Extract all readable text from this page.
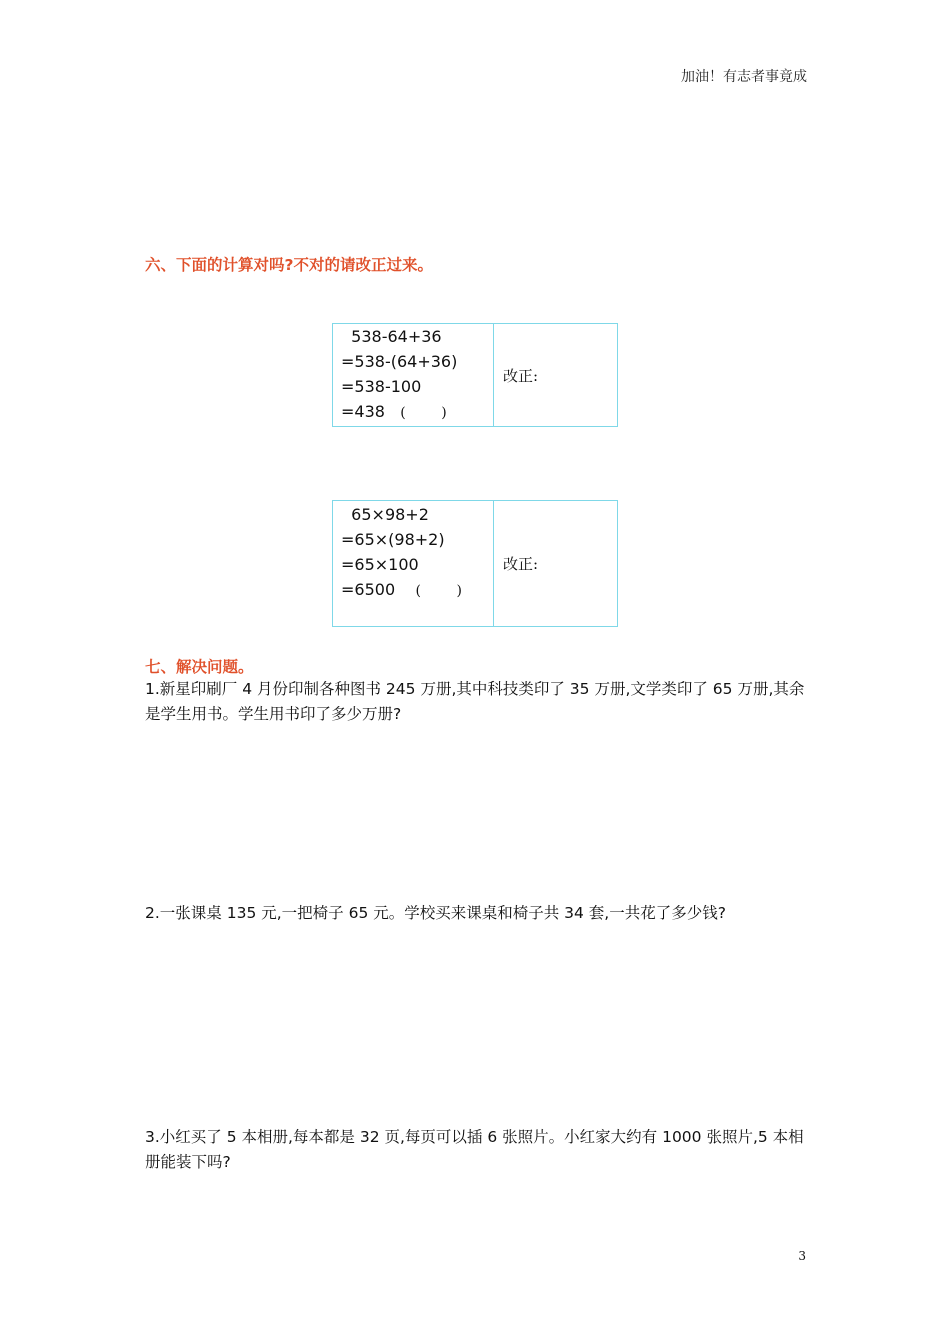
加油！有志者事竟成
六、下面的计算对吗?不对的请改正过来。
538-64+36
=538-(64+36)
=538-100
=438 (        )
	改正:
65×98+2
=65×(98+2)
=65×100
=6500 (        )
	改正:
七、解决问题。
1.新星印刷厂 4 月份印制各种图书 245 万册,其中科技类印了 35 万册,文学类印了 65 万册,其余是学生用书。学生用书印了多少万册?
2.一张课桌 135 元,一把椅子 65 元。学校买来课桌和椅子共 34 套,一共花了多少钱?
3.小红买了 5 本相册,每本都是 32 页,每页可以插 6 张照片。小红家大约有 1000 张照片,5 本相册能装下吗?
3
